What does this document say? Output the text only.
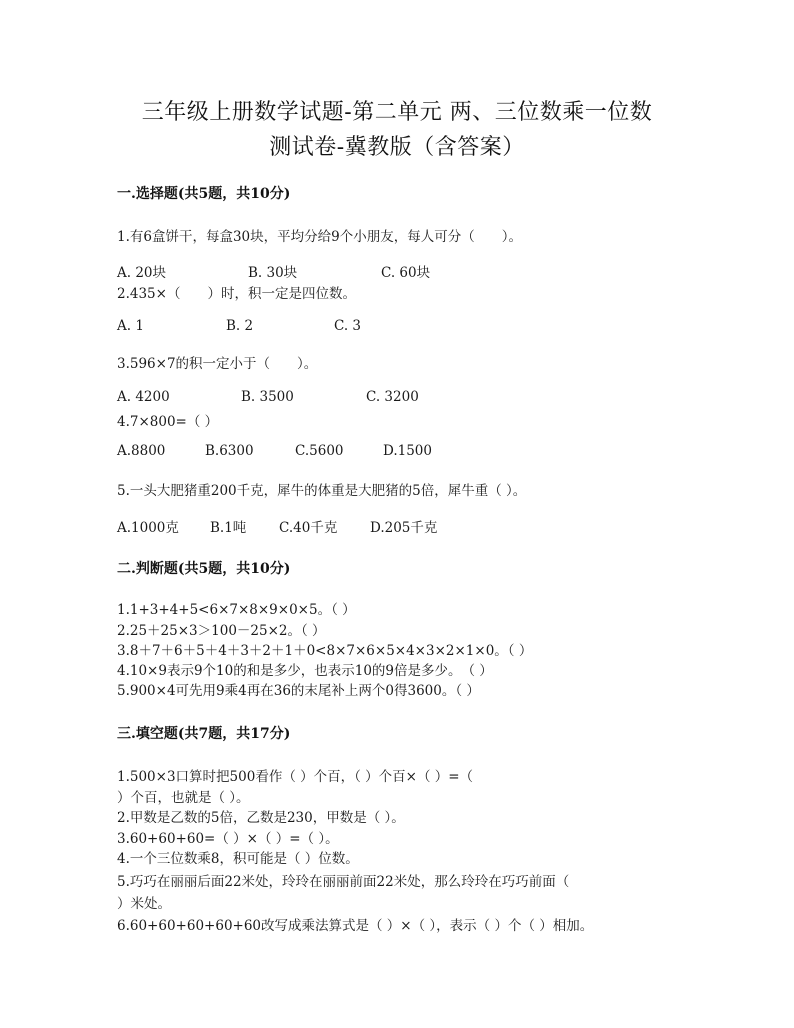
三年级上册数学试题-第二单元 两、三位数乘一位数
测试卷-冀教版（含答案）
一.选择题(共5题，共10分)
1.有6盒饼干，每盒30块，平均分给9个小朋友，每人可分（　　）。
A. 20块	B. 30块	C. 60块
2.435×（　　）时，积一定是四位数。
A. 1	B. 2	C. 3
3.596×7的积一定小于（　　）。
A. 4200	B. 3500	C. 3200
4.7×800=（ ）
A.8800	B.6300	C.5600	D.1500
5.一头大肥猪重200千克，犀牛的体重是大肥猪的5倍，犀牛重（ ）。
A.1000克 B.1吨 C.40千克 D.205千克
二.判断题(共5题，共10分)
1.1+3+4+5<6×7×8×9×0×5。（ ）
2.25＋25×3＞100－25×2。（ ）
3.8＋7＋6＋5＋4＋3＋2＋1＋0<8×7×6×5×4×3×2×1×0。（ ）
4.10×9表示9个10的和是多少，也表示10的9倍是多少。　（ ）
5.900×4可先用9乘4再在36的末尾补上两个0得3600。（ ）
三.填空题(共7题，共17分)
1.500×3口算时把500看作（ ）个百，（ ）个百×（ ）=（
）个百，也就是（ ）。
2.甲数是乙数的5倍，乙数是230，甲数是（ ）。
3.60+60+60=（ ）×（ ）=（ ）。
4.一个三位数乘8，积可能是（ ）位数。
5.巧巧在丽丽后面22米处，玲玲在丽丽前面22米处，那么玲玲在巧巧前面（
）米处。
6.60+60+60+60+60改写成乘法算式是（ ）×（ ），表示（ ）个（ ）相加。
